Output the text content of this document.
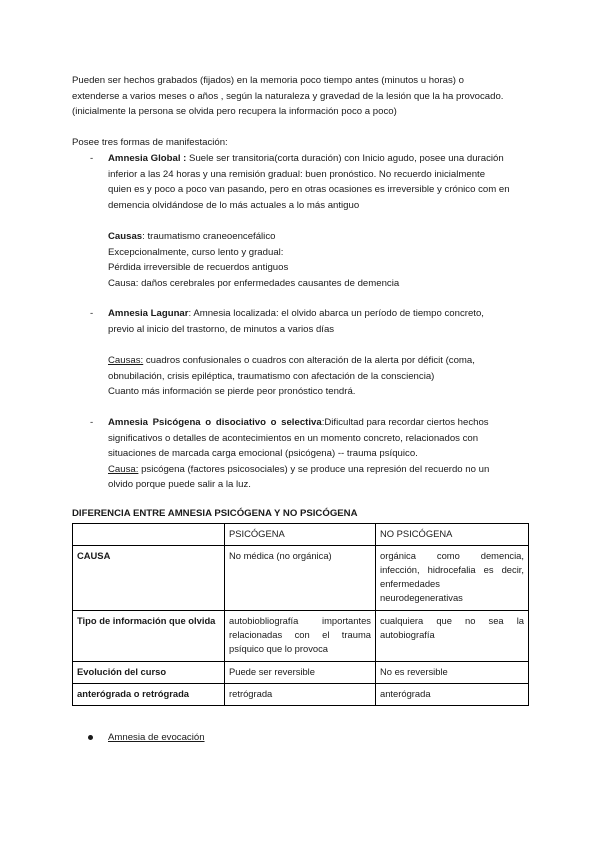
Pueden ser hechos grabados (fijados) en la memoria poco tiempo antes (minutos u horas) o

extenderse a varios meses o años , según la naturaleza y gravedad de la lesión que la ha provocado.

(inicialmente la persona se olvida pero recupera la información poco a poco)

Posee tres formas de manifestación:

- Amnesia Global : Suele ser transitoria(corta duración) con Inicio agudo, posee una duración

inferior a las 24 horas y una remisión gradual: buen pronóstico. No recuerdo inicialmente

quien es y poco a poco van pasando, pero en otras ocasiones es irreversible y crónico com en

demencia olvidándose de lo más actuales a lo más antiguo

Causas: traumatismo craneoencefálico

Excepcionalmente, curso lento y gradual:

Pérdida irreversible de recuerdos antiguos

Causa: daños cerebrales por enfermedades causantes de demencia

- Amnesia Lagunar: Amnesia localizada: el olvido abarca un período de tiempo concreto,

previo al inicio del trastorno, de minutos a varios días

Causas: cuadros confusionales o cuadros con alteración de la alerta por déficit (coma,

obnubilación, crisis epiléptica, traumatismo con afectación de la consciencia)

Cuanto más información se pierde peor pronóstico tendrá.

- Amnesia Psicógena o disociativo o selectiva:Dificultad para recordar ciertos hechos

significativos o detalles de acontecimientos en un momento concreto, relacionados con

situaciones de marcada carga emocional (psicógena) -- trauma psíquico.

Causa: psicógena (factores psicosociales) y se produce una represión del recuerdo no un

olvido porque puede salir a la luz.

DIFERENCIA ENTRE AMNESIA PSICÓGENA Y NO PSICÓGENA
	PSICÓGENA	NO PSICÓGENA
CAUSA	No médica (no orgánica)	orgánica como demencia, infección, hidrocefalia es decir, enfermedades neurodegenerativas
Tipo de información que olvida	autobiobliografía importantes relacionadas con el trauma psíquico que lo provoca	cualquiera que no sea la autobiografía
Evolución del curso	Puede ser reversible	No es reversible
anterógrada o retrógrada	retrógrada	anterógrada

Amnesia de evocación
